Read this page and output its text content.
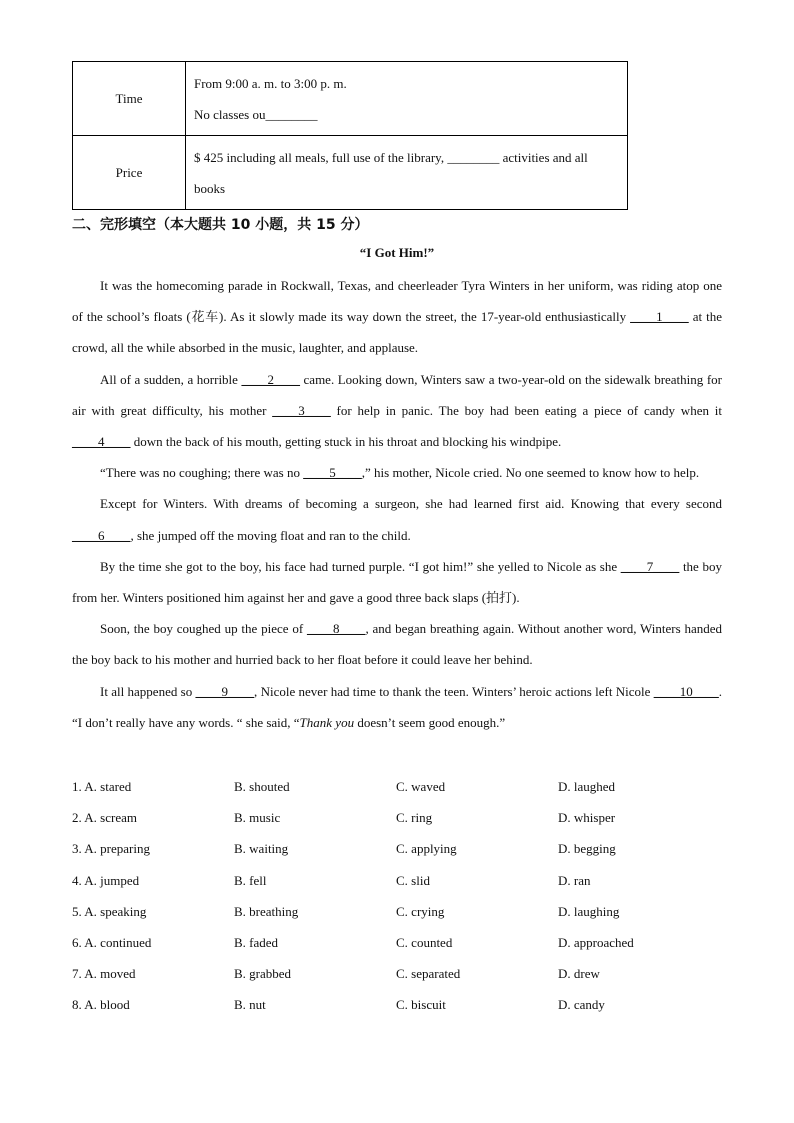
Time	From 9:00 a. m. to 3:00 p. m.
No classes ou________

Price	$ 425 including all meals, full use of the library, ________ activities and all
books
二、完形填空（本大题共 10 小题，共 15 分）
“I Got Him!”

It was the homecoming parade in Rockwall, Texas, and cheerleader Tyra Winters in her uniform, was riding atop one of the school’s floats (花车). As it slowly made its way down the street, the 17-year-old enthusiastically ____1____ at the crowd, all the while absorbed in the music, laughter, and applause.

All of a sudden, a horrible ____2____ came. Looking down, Winters saw a two-year-old on the sidewalk breathing for air with great difficulty, his mother ____3____ for help in panic. The boy had been eating a piece of candy when it ____4____ down the back of his mouth, getting stuck in his throat and blocking his windpipe.

“There was no coughing; there was no ____5____,” his mother, Nicole cried. No one seemed to know how to help.

Except for Winters. With dreams of becoming a surgeon, she had learned first aid. Knowing that every second ____6____, she jumped off the moving float and ran to the child.

By the time she got to the boy, his face had turned purple. “I got him!” she yelled to Nicole as she ____7____ the boy from her. Winters positioned him against her and gave a good three back slaps (拍打).

Soon, the boy coughed up the piece of ____8____, and began breathing again. Without another word, Winters handed the boy back to his mother and hurried back to her float before it could leave her behind.

It all happened so ____9____, Nicole never had time to thank the teen. Winters’ heroic actions left Nicole ____10____. “I don’t really have any words. “ she said, “Thank you doesn’t seem good enough.”

1. A. stared	B. shouted	C. waved	D. laughed
2. A. scream	B. music	C. ring	D. whisper
3. A. preparing	B. waiting	C. applying	D. begging
4. A. jumped	B. fell	C. slid	D. ran
5. A. speaking	B. breathing	C. crying	D. laughing
6. A. continued	B. faded	C. counted	D. approached
7. A. moved	B. grabbed	C. separated	D. drew
8. A. blood	B. nut	C. biscuit	D. candy
